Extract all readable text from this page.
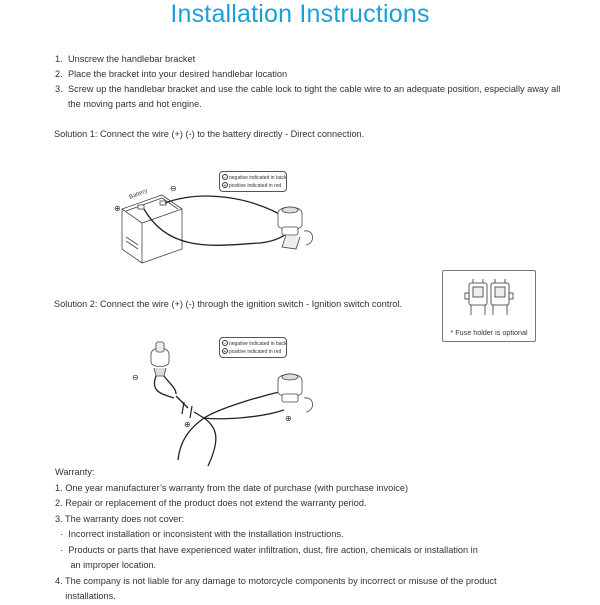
Installation Instructions
1. Unscrew the handlebar bracket
2. Place the bracket into your desired handlebar location
3. Screw up the handlebar bracket and use the cable lock to tight the cable wire to an adequate position, especially away all
the moving parts and hot engine.
Solution 1: Connect the wire (+) (-) to the battery directly - Direct connection.
Battery
⊕
⊖
− negative indicated in back
+ positive indicated in red
Solution 2: Connect the wire (+) (-) through the ignition switch - Ignition switch control.
* Fuse holder is optional
⊖
⊕
⊕
− negative indicated in back
+ positive indicated in red
Warranty:
1. One year manufacturer’s warranty from the date of purchase (with purchase invoice)
2. Repair or replacement of the product does not extend the warranty period.
3. The warranty does not cover:
·  Incorrect installation or inconsistent with the installation instructions.
·  Products or parts that have experienced water infiltration, dust, fire action, chemicals or installation in
an improper location.
4. The company is not liable for any damage to motorcycle components by incorrect or misuse of the product
installations.
